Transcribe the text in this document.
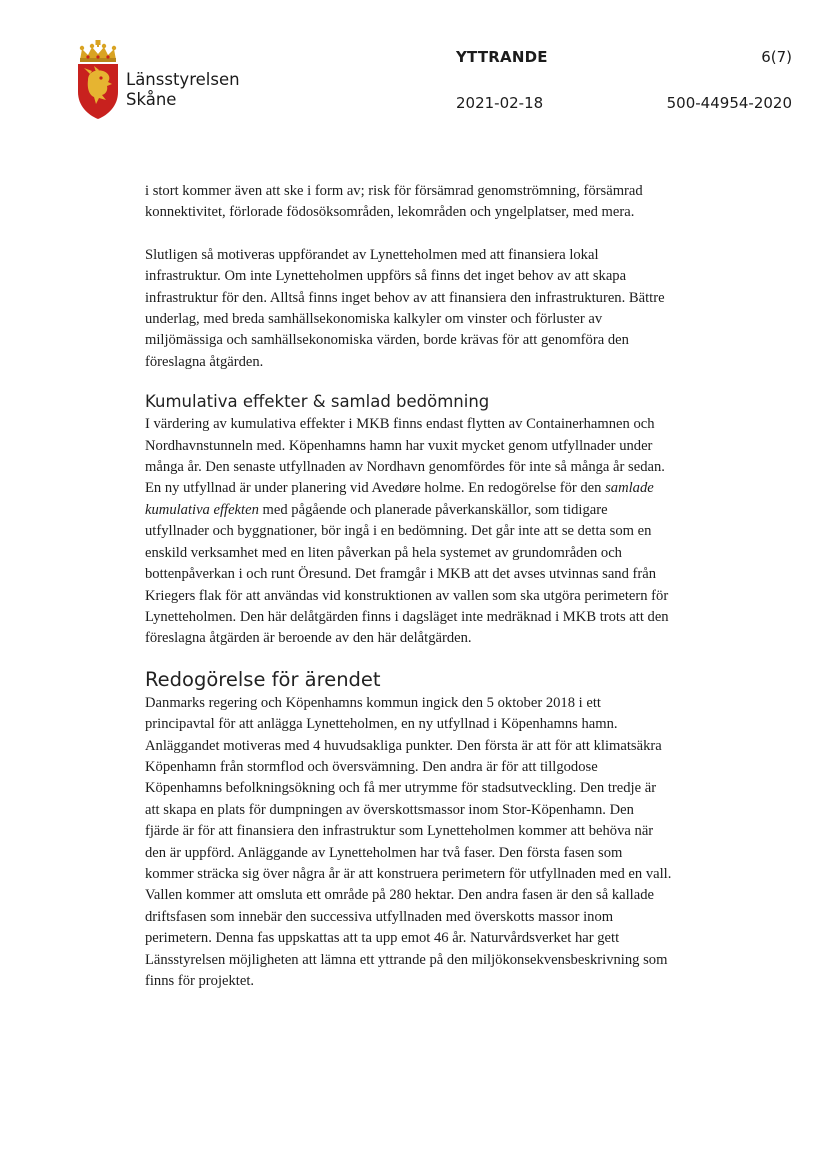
Länsstyrelsen
Skåne
YTTRANDE	6(7)
2021-02-18	500-44954-2020

i stort kommer även att ske i form av; risk för försämrad genomströmning, försämrad
konnektivitet, förlorade födosöksområden, lekområden och yngelplatser, med mera.

Slutligen så motiveras uppförandet av Lynetteholmen med att finansiera lokal
infrastruktur. Om inte Lynetteholmen uppförs så finns det inget behov av att skapa
infrastruktur för den. Alltså finns inget behov av att finansiera den infrastrukturen. Bättre
underlag, med breda samhällsekonomiska kalkyler om vinster och förluster av
miljömässiga och samhällsekonomiska värden, borde krävas för att genomföra den
föreslagna åtgärden.

Kumulativa effekter & samlad bedömning

I värdering av kumulativa effekter i MKB finns endast flytten av Containerhamnen och
Nordhavnstunneln med. Köpenhamns hamn har vuxit mycket genom utfyllnader under
många år. Den senaste utfyllnaden av Nordhavn genomfördes för inte så många år sedan.
En ny utfyllnad är under planering vid Avedøre holme. En redogörelse för den samlade
kumulativa effekten med pågående och planerade påverkanskällor, som tidigare
utfyllnader och byggnationer, bör ingå i en bedömning. Det går inte att se detta som en
enskild verksamhet med en liten påverkan på hela systemet av grundområden och
bottenpåverkan i och runt Öresund. Det framgår i MKB att det avses utvinnas sand från
Kriegers flak för att användas vid konstruktionen av vallen som ska utgöra perimetern för
Lynetteholmen. Den här delåtgärden finns i dagsläget inte medräknad i MKB trots att den
föreslagna åtgärden är beroende av den här delåtgärden.

Redogörelse för ärendet

Danmarks regering och Köpenhamns kommun ingick den 5 oktober 2018 i ett
principavtal för att anlägga Lynetteholmen, en ny utfyllnad i Köpenhamns hamn.
Anläggandet motiveras med 4 huvudsakliga punkter. Den första är att för att klimatsäkra
Köpenhamn från stormflod och översvämning. Den andra är för att tillgodose
Köpenhamns befolkningsökning och få mer utrymme för stadsutveckling. Den tredje är
att skapa en plats för dumpningen av överskottsmassor inom Stor-Köpenhamn. Den
fjärde är för att finansiera den infrastruktur som Lynetteholmen kommer att behöva när
den är uppförd. Anläggande av Lynetteholmen har två faser. Den första fasen som
kommer sträcka sig över några år är att konstruera perimetern för utfyllnaden med en vall.
Vallen kommer att omsluta ett område på 280 hektar. Den andra fasen är den så kallade
driftsfasen som innebär den successiva utfyllnaden med överskotts massor inom
perimetern. Denna fas uppskattas att ta upp emot 46 år. Naturvårdsverket har gett
Länsstyrelsen möjligheten att lämna ett yttrande på den miljökonsekvensbeskrivning som
finns för projektet.
